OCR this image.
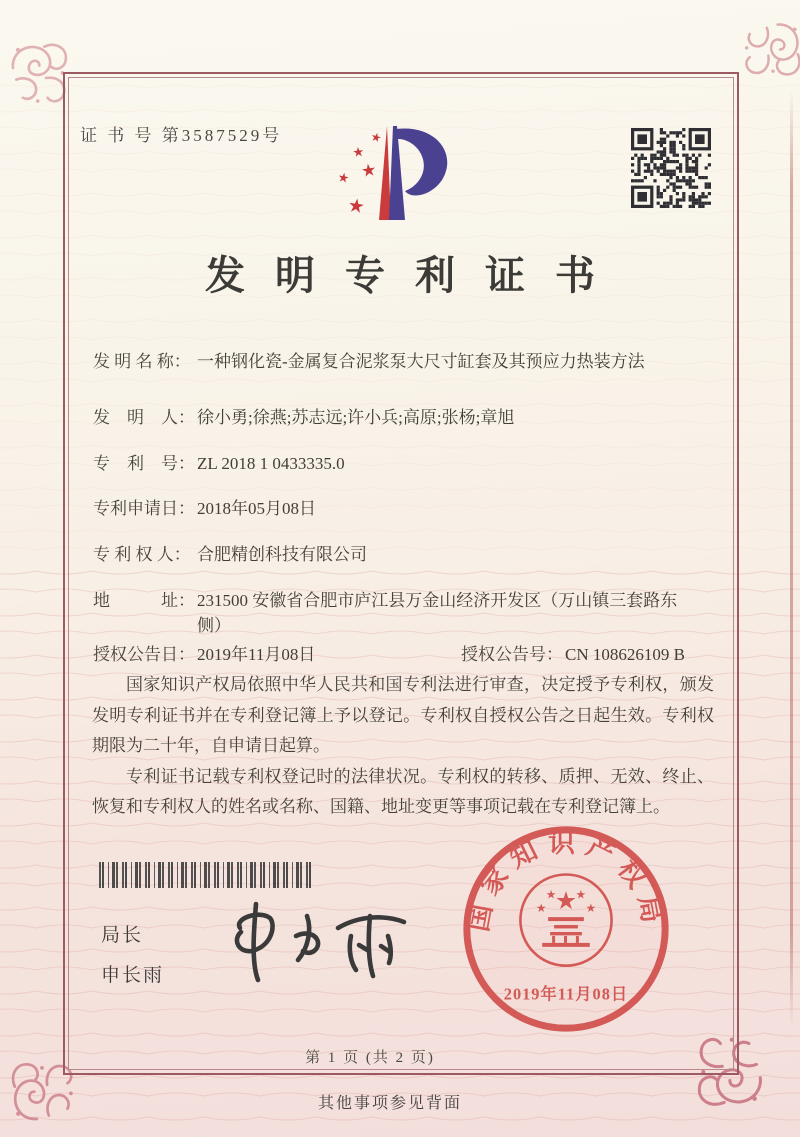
证 书 号 第3587529号	★
★
★ ★
★
发明专利证书
发 明 名 称： 一种钢化瓷-金属复合泥浆泵大尺寸缸套及其预应力热装方法
发　明　人： 徐小勇;徐燕;苏志远;许小兵;高原;张杨;章旭
专　利　号： ZL 2018 1 0433335.0
专利申请日： 2018年05月08日
专 利 权 人： 合肥精创科技有限公司
地　　　址： 231500 安徽省合肥市庐江县万金山经济开发区（万山镇三套路东侧）
授权公告日： 2019年11月08日	授权公告号： CN 108626109 B

国家知识产权局依照中华人民共和国专利法进行审查，决定授予专利权，颁发发明专利证书并在专利登记簿上予以登记。专利权自授权公告之日起生效。专利权期限为二十年，自申请日起算。

专利证书记载专利权登记时的法律状况。专利权的转移、质押、无效、终止、恢复和专利权人的姓名或名称、国籍、地址变更等事项记载在专利登记簿上。

局长
申长雨
国家知识产权局
★
★
★ ★
★
2019年11月08日
第 1 页 (共 2 页)
其他事项参见背面
